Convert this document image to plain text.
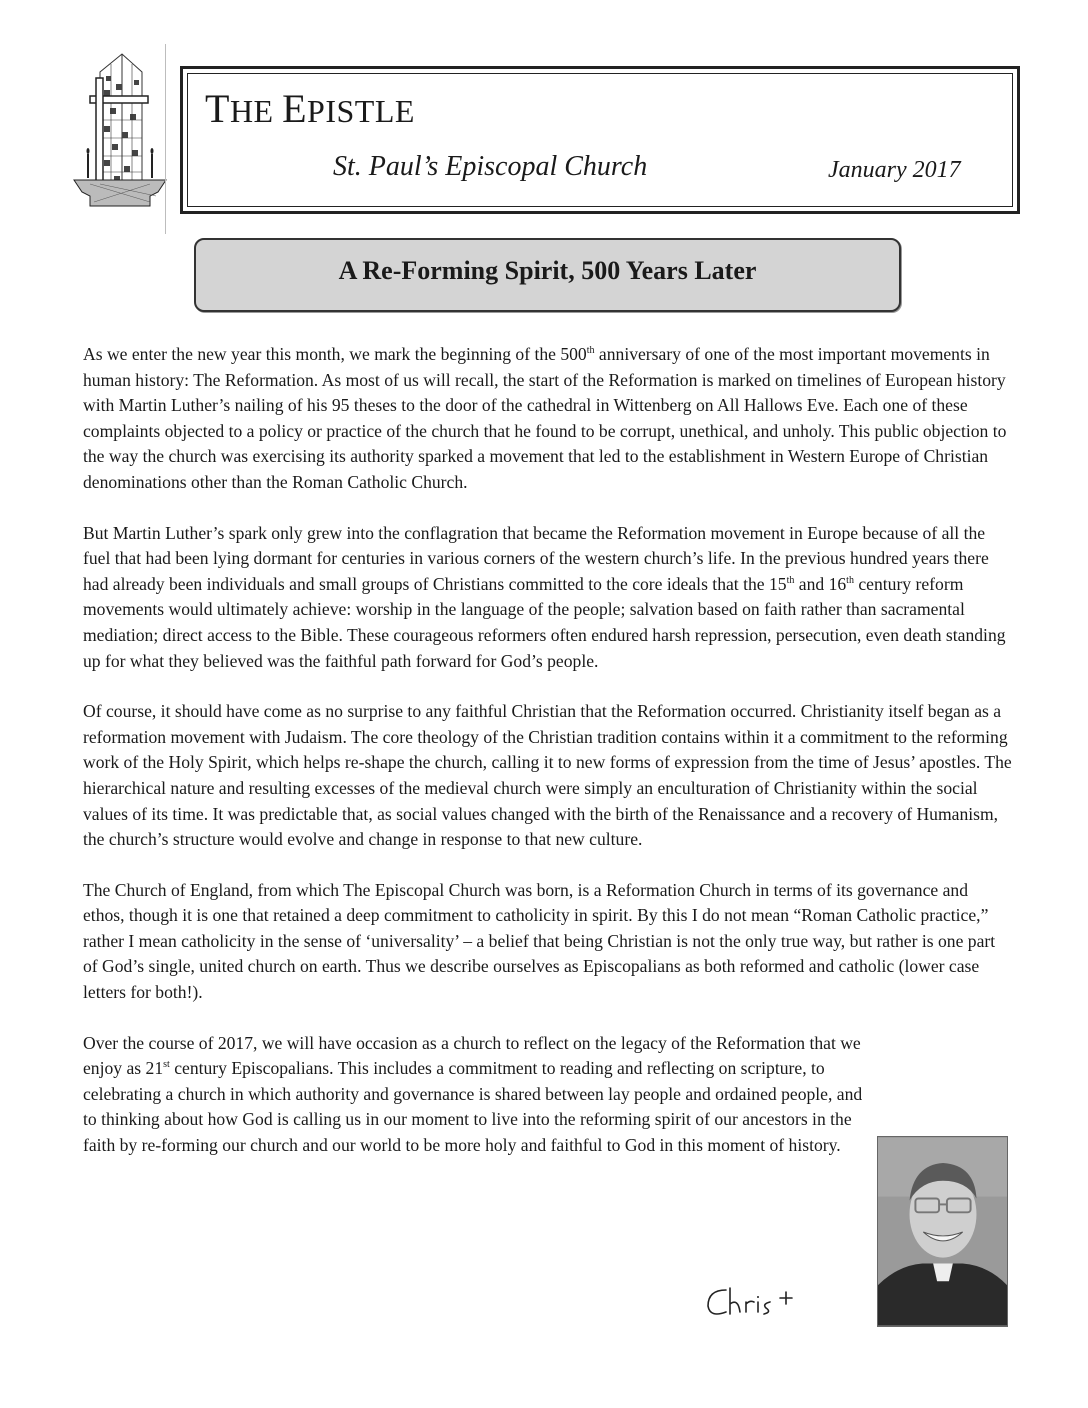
THE EPISTLE
St. Paul’s Episcopal Church	January 2017
A Re-Forming Spirit, 500 Years Later

As we enter the new year this month, we mark the beginning of the 500th anniversary of one of the most important movements in human history: The Reformation. As most of us will recall, the start of the Reformation is marked on timelines of European history with Martin Luther’s nailing of his 95 theses to the door of the cathedral in Wittenberg on All Hallows Eve. Each one of these complaints objected to a policy or practice of the church that he found to be corrupt, unethical, and unholy. This public objection to the way the church was exercising its authority sparked a movement that led to the establishment in Western Europe of Christian denominations other than the Roman Catholic Church.

But Martin Luther’s spark only grew into the conflagration that became the Reformation movement in Europe because of all the fuel that had been lying dormant for centuries in various corners of the western church’s life. In the previous hundred years there had already been individuals and small groups of Christians committed to the core ideals that the 15th and 16th century reform movements would ultimately achieve: worship in the language of the people; salvation based on faith rather than sacramental mediation; direct access to the Bible. These courageous reformers often endured harsh repression, persecution, even death standing up for what they believed was the faithful path forward for God’s people.

Of course, it should have come as no surprise to any faithful Christian that the Reformation occurred. Christianity itself began as a reformation movement with Judaism. The core theology of the Christian tradition contains within it a commitment to the reforming work of the Holy Spirit, which helps re-shape the church, calling it to new forms of expression from the time of Jesus’ apostles. The hierarchical nature and resulting excesses of the medieval church were simply an enculturation of Christianity within the social values of its time. It was predictable that, as social values changed with the birth of the Renaissance and a recovery of Humanism, the church’s structure would evolve and change in response to that new culture.

The Church of England, from which The Episcopal Church was born, is a Reformation Church in terms of its governance and ethos, though it is one that retained a deep commitment to catholicity in spirit. By this I do not mean “Roman Catholic practice,” rather I mean catholicity in the sense of ‘universality’ – a belief that being Christian is not the only true way, but rather is one part of God’s single, united church on earth. Thus we describe ourselves as Episcopalians as both reformed and catholic (lower case letters for both!).

Over the course of 2017, we will have occasion as a church to reflect on the legacy of the Reformation that we enjoy as 21st century Episcopalians. This includes a commitment to reading and reflecting on scripture, to celebrating a church in which authority and governance is shared between lay people and ordained people, and to thinking about how God is calling us in our moment to live into the reforming spirit of our ancestors in the faith by re-forming our church and our world to be more holy and faithful to God in this moment of history.
